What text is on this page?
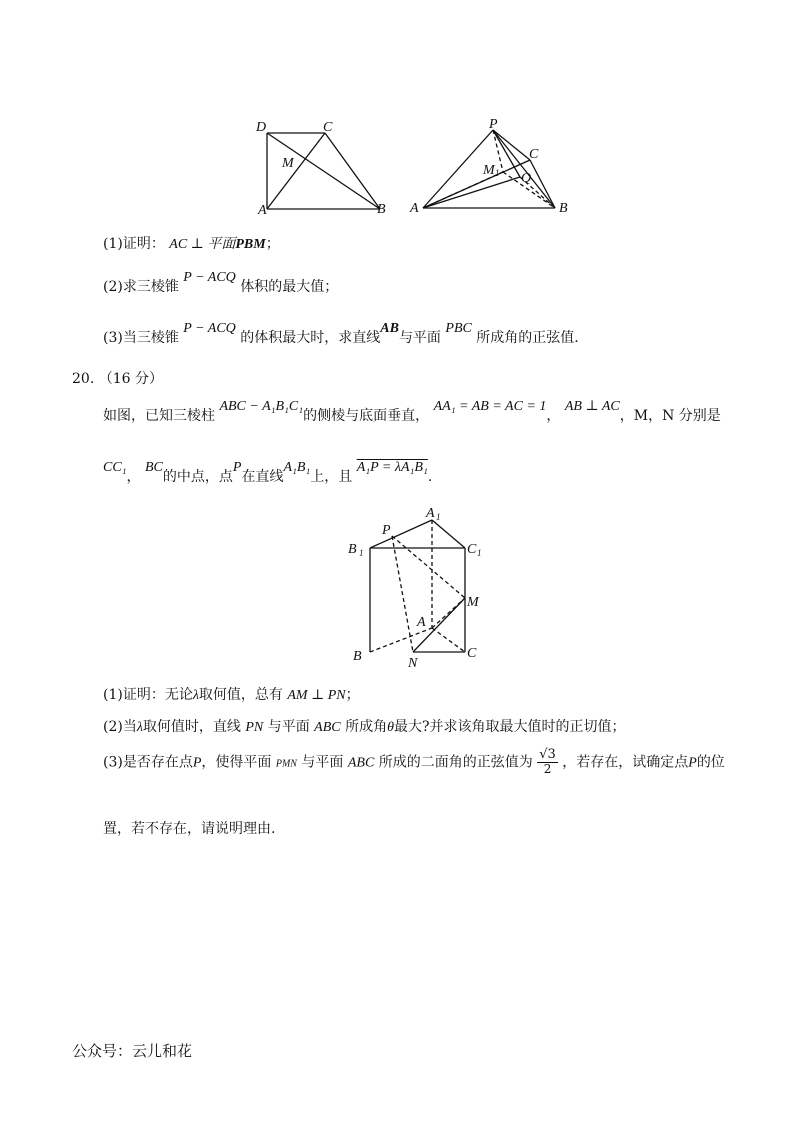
D	C
M
A	B
P
C
M 1 Q
A	B
(1)证明： AC ⊥ 平面PBM；
(2)求三棱锥 P − ACQ 体积的最大值；
(3)当三棱锥 P − ACQ 的体积最大时，求直线AB与平面 PBC 所成角的正弦值.
20. （16 分）
如图，已知三棱柱 ABC − A₁B₁C₁的侧棱与底面垂直， AA₁ = AB = AC = 1， AB ⊥ AC，M，N 分别是
CC₁， BC的中点，点P在直线A₁B₁上，且 A₁P = λA₁B₁.
A 1
P
B 1	C 1
M
A
B	N
C
(1)证明：无论λ取何值，总有 AM ⊥ PN；
(2)当λ取何值时，直线 PN 与平面 ABC 所成角θ最大?并求该角取最大值时的正切值；
(3)是否存在点P，使得平面 PMN 与平面 ABC 所成的二面角的正弦值为 $\frac{√3}{2}$ ，若存在，试确定点P的位
置，若不存在，请说明理由.
公众号：云儿和花
